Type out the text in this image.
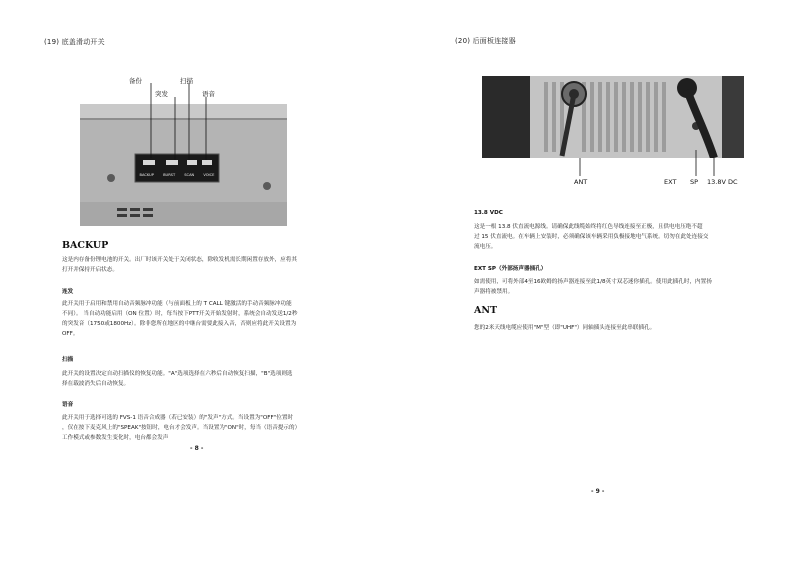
(19) 底盖滑动开关
备份	扫描
突发	语音
BACKUP	BURST	SCAN	VOICE
BACKUP
这是内存备份锂电池的开关。出厂时该开关处于关闭状态，除收发机需长期闲置存放外，应将其
打开并保持开启状态。
连发
此开关用于启用和禁用自动音频脉冲功能（与前面板上的 T CALL 键激活的手动音频脉冲功能
不同）。 当自动功能启用（ON 位置）时，每当按下PTT开关开始发射时，系统会自动发送1/2秒
的突发音（1750或1800Hz）。除非您所在地区的中继台需要此接入音，否则应将此开关设置为
OFF。
扫描
此开关的设置决定自动扫描仪的恢复功能。"A"选项选择在六秒后自动恢复扫描，"B"选项则选
择在载波消失后自动恢复。
语音
此开关用于选择可选的 FVS-1 语音合成器（若已安装）的"发声"方式。当设置为"OFF"位置时
，仅在按下麦克风上的"SPEAK"按钮时，电台才会发声。当设置为"ON"时，每当（语音提示的）
工作模式或参数发生变化时，电台都会发声
- 8 -
(20) 后面板连接器
ANT	EXT SP 13.8V DC
13.8 VDC
这是一根 13.8 伏直流电源线。请确保此线缆始终将红色导线连接至正极，且供电电压绝不超
过 15 伏直流电。在车辆上安装时，必须确保该车辆采用负极接地电气系统。切勿在此处连接交
流电压。
EXT SP（外部扬声器插孔）
如需使用，可将外部4至16欧姆的扬声器连接至此1/8英寸双芯迷你插孔。使用此插孔时，内置扬
声器将被禁用。
ANT
您的2米天线电缆应使用"M"型（即"UHF"）同轴插头连接至此串联插孔。
- 9 -
